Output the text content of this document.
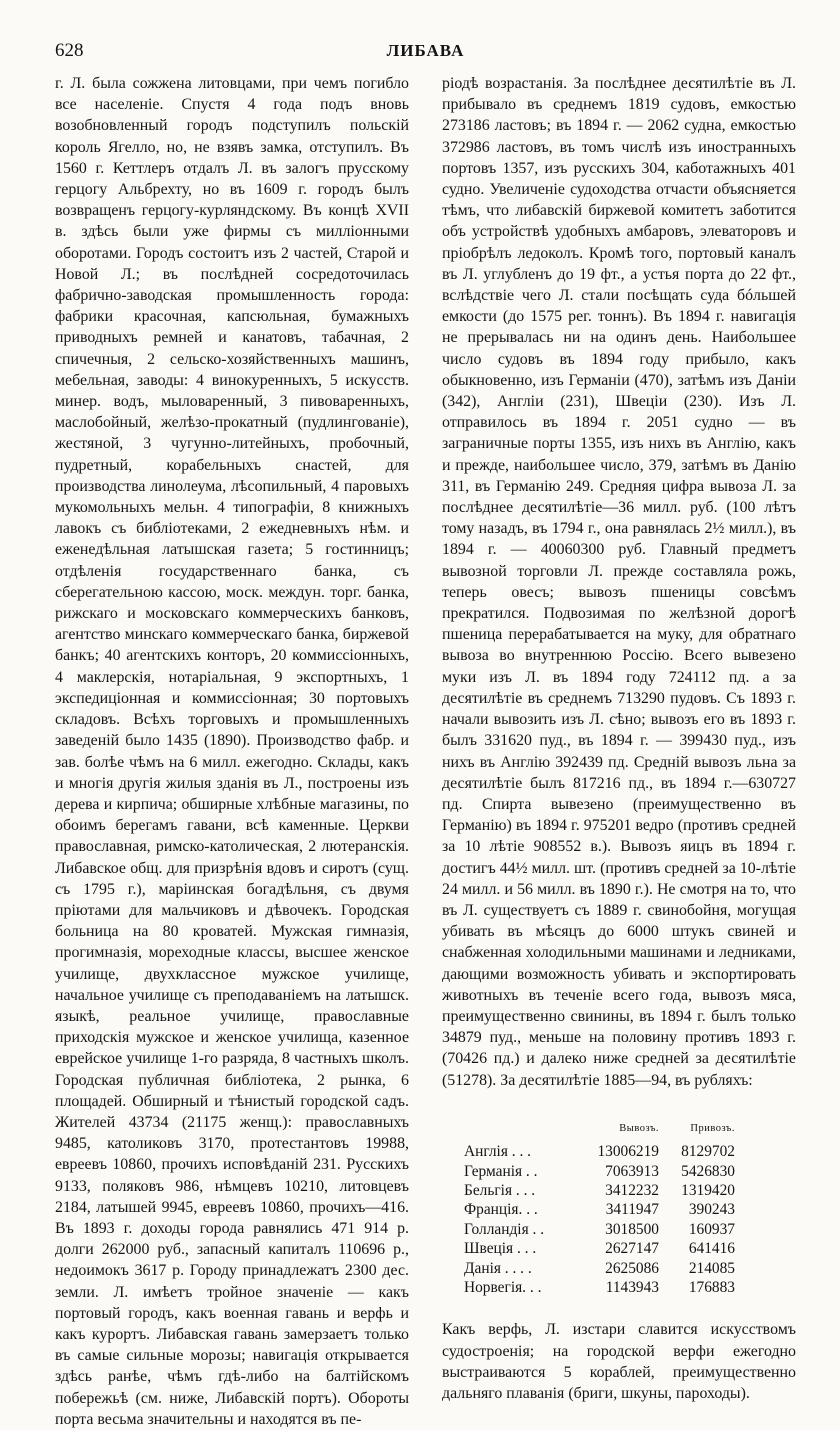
628	ЛИБАВА

г. Л. была сожжена литовцами, при чемъ погибло все населеніе. Спустя 4 года подъ вновь возобновленный городъ подступилъ польскій король Ягелло, но, не взявъ замка, отступилъ. Въ 1560 г. Кеттлеръ отдалъ Л. въ залогъ прусскому герцогу Альбрехту, но въ 1609 г. городъ былъ возвращенъ герцогу-курляндскому. Въ концѣ XVII в. здѣсь были уже фирмы съ милліонными оборотами. Городъ состоитъ изъ 2 частей, Старой и Новой Л.; въ послѣдней сосредоточилась фабрично-заводская промышленность города: фабрики красочная, капсюльная, бумажныхъ приводныхъ ремней и канатовъ, табачная, 2 спичечныя, 2 сельско-хозяйственныхъ машинъ, мебельная, заводы: 4 винокуренныхъ, 5 искусств. минер. водъ, мыловаренный, 3 пивоваренныхъ, маслобойный, желѣзо-прокатный (пудлингованіе), жестяной, 3 чугунно-литейныхъ, пробочный, пудретный, корабельныхъ снастей, для производства линолеума, лѣсопильный, 4 паровыхъ мукомольныхъ мельн. 4 типографіи, 8 книжныхъ лавокъ съ библіотеками, 2 ежедневныхъ нѣм. и еженедѣльная латышская газета; 5 гостинницъ; отдѣленія государственнаго банка, съ сберегательною кассою, моск. междун. торг. банка, рижскаго и московскаго коммерческихъ банковъ, агентство минскаго коммерческаго банка, биржевой банкъ; 40 агентскихъ конторъ, 20 коммиссіонныхъ, 4 маклерскія, нотаріальная, 9 экспортныхъ, 1 экспедиціонная и коммиссіонная; 30 портовыхъ складовъ. Всѣхъ торговыхъ и промышленныхъ заведеній было 1435 (1890). Производство фабр. и зав. болѣе чѣмъ на 6 милл. ежегодно. Склады, какъ и многія другія жилыя зданія въ Л., построены изъ дерева и кирпича; обширные хлѣбные магазины, по обоимъ берегамъ гавани, всѣ каменные. Церкви православная, римско-католическая, 2 лютеранскія. Либавское общ. для призрѣнія вдовъ и сиротъ (сущ. съ 1795 г.), маріинская богадѣльня, съ двумя пріютами для мальчиковъ и дѣвочекъ. Городская больница на 80 кроватей. Мужская гимназія, прогимназія, мореходные классы, высшее женское училище, двухклассное мужское училище, начальное училище съ преподаваніемъ на латышск. языкѣ, реальное училище, православные приходскія мужское и женское училища, казенное еврейское училище 1-го разряда, 8 частныхъ школъ. Городская публичная библіотека, 2 рынка, 6 площадей. Обширный и тѣнистый городской садъ. Жителей 43734 (21175 женщ.): православныхъ 9485, католиковъ 3170, протестантовъ 19988, евреевъ 10860, прочихъ исповѣданій 231. Русскихъ 9133, поляковъ 986, нѣмцевъ 10210, литовцевъ 2184, латышей 9945, евреевъ 10860, прочихъ—416. Въ 1893 г. доходы города равнялись 471 914 р. долги 262000 руб., запасный капиталъ 110696 р., недоимокъ 3617 р. Городу принадлежатъ 2300 дес. земли. Л. имѣетъ тройное значеніе — какъ портовый городъ, какъ военная гавань и верфь и какъ курортъ. Либавская гавань замерзаетъ только въ самые сильные морозы; навигація открывается здѣсь ранѣе, чѣмъ гдѣ-либо на балтійскомъ побережьѣ (см. ниже, Либавскій портъ). Обороты порта весьма значительны и находятся въ пе-

ріодѣ возрастанія. За послѣднее десятилѣтіе въ Л. прибывало въ среднемъ 1819 судовъ, емкостью 273186 ластовъ; въ 1894 г. — 2062 судна, емкостью 372986 ластовъ, въ томъ числѣ изъ иностранныхъ портовъ 1357, изъ русскихъ 304, каботажныхъ 401 судно. Увеличеніе судоходства отчасти объясняется тѣмъ, что либавскій биржевой комитетъ заботится объ устройствѣ удобныхъ амбаровъ, элеваторовъ и пріобрѣлъ ледоколъ. Кромѣ того, портовый каналъ въ Л. углубленъ до 19 фт., а устья порта до 22 фт., вслѣдствіе чего Л. стали посѣщать суда бóльшей емкости (до 1575 рег. тоннъ). Въ 1894 г. навигація не прерывалась ни на одинъ день. Наибольшее число судовъ въ 1894 году прибыло, какъ обыкновенно, изъ Германіи (470), затѣмъ изъ Даніи (342), Англіи (231), Швеціи (230). Изъ Л. отправилось въ 1894 г. 2051 судно — въ заграничные порты 1355, изъ нихъ въ Англію, какъ и прежде, наибольшее число, 379, затѣмъ въ Данію 311, въ Германію 249. Средняя цифра вывоза Л. за послѣднее десятилѣтіе—36 милл. руб. (100 лѣтъ тому назадъ, въ 1794 г., она равнялась 2½ милл.), въ 1894 г. — 40060300 руб. Главный предметъ вывозной торговли Л. прежде составляла рожь, теперь овесъ; вывозъ пшеницы совсѣмъ прекратился. Подвозимая по желѣзной дорогѣ пшеница перерабатывается на муку, для обратнаго вывоза во внутреннюю Россію. Всего вывезено муки изъ Л. въ 1894 году 724112 пд. а за десятилѣтіе въ среднемъ 713290 пудовъ. Съ 1893 г. начали вывозить изъ Л. сѣно; вывозъ его въ 1893 г. былъ 331620 пуд., въ 1894 г. — 399430 пуд., изъ нихъ въ Англію 392439 пд. Средній вывозъ льна за десятилѣтіе былъ 817216 пд., въ 1894 г.—630727 пд. Спирта вывезено (преимущественно въ Германію) въ 1894 г. 975201 ведро (противъ средней за 10 лѣтіе 908552 в.). Вывозъ яицъ въ 1894 г. достигъ 44½ милл. шт. (противъ средней за 10-лѣтіе 24 милл. и 56 милл. въ 1890 г.). Не смотря на то, что въ Л. существуетъ съ 1889 г. свинобойня, могущая убивать въ мѣсяцъ до 6000 штукъ свиней и снабженная холодильными машинами и ледниками, дающими возможность убивать и экспортировать животныхъ въ теченіе всего года, вывозъ мяса, преимущественно свинины, въ 1894 г. былъ только 34879 пуд., меньше на половину противъ 1893 г. (70426 пд.) и далеко ниже средней за десятилѣтіе (51278). За десятилѣтіе 1885—94, въ рубляхъ:

	Вывозъ.	Привозъ.
Англія . . .	13006219	8129702
Германія . .	7063913	5426830
Бельгія . . .	3412232	1319420
Франція. . .	3411947	390243
Голландія . .	3018500	160937
Швеція . . .	2627147	641416
Данія . . . .	2625086	214085
Норвегія. . .	1143943	176883

Какъ верфь, Л. изстари славится искусствомъ судостроенія; на городской верфи ежегодно выстраиваются 5 кораблей, преимущественно дальняго плаванія (бриги, шкуны, пароходы).
